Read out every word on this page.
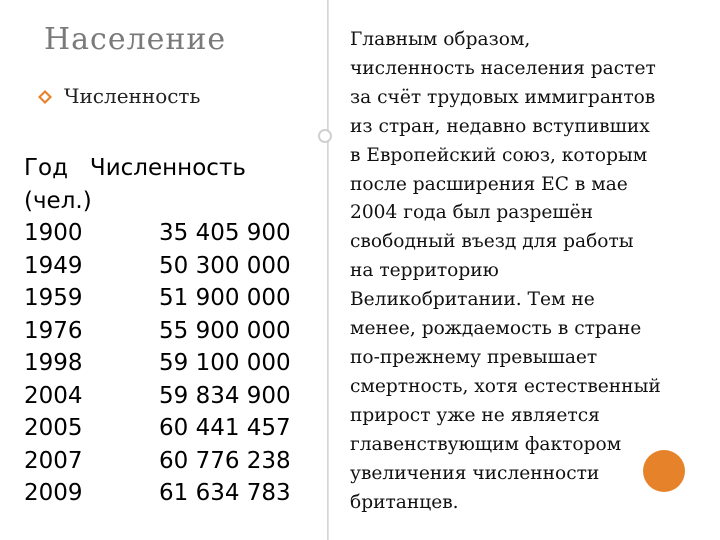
Население
Численность
Год   Численность
(чел.)
1900	35 405 900
1949	50 300 000
1959	51 900 000
1976	55 900 000
1998	59 100 000
2004	59 834 900
2005	60 441 457
2007	60 776 238
2009	61 634 783
Главным образом,
численность населения растет
за счёт трудовых иммигрантов
из стран, недавно вступивших
в Европейский союз, которым
после расширения ЕС в мае
2004 года был разрешён
свободный въезд для работы
на территорию
Великобритании. Тем не
менее, рождаемость в стране
по-прежнему превышает
смертность, хотя естественный
прирост уже не является
главенствующим фактором
увеличения численности
британцев.
